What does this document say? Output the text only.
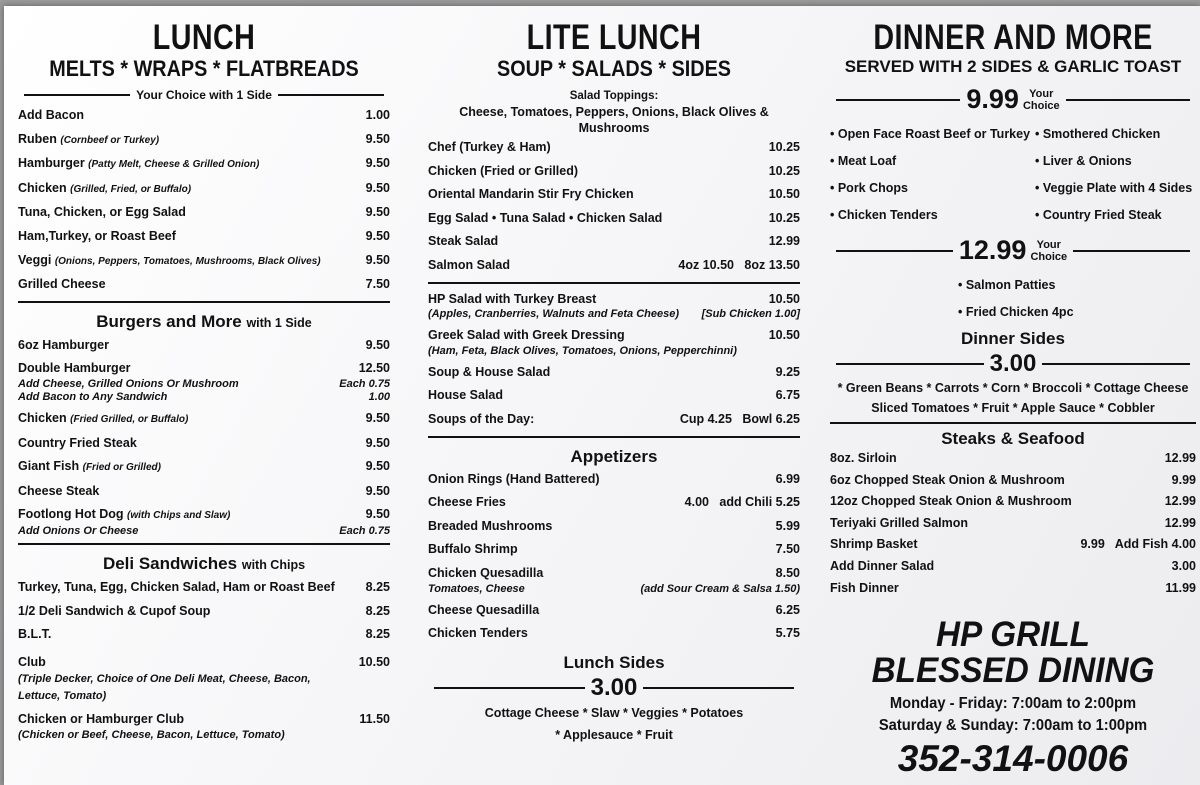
LUNCH
MELTS * WRAPS * FLATBREADS
Your Choice with 1 Side
Add Bacon	1.00
Ruben (Cornbeef or Turkey)	9.50
Hamburger (Patty Melt, Cheese & Grilled Onion)	9.50
Chicken (Grilled, Fried, or Buffalo)	9.50
Tuna, Chicken, or Egg Salad	9.50
Ham,Turkey, or Roast Beef	9.50
Veggi (Onions, Peppers, Tomatoes, Mushrooms, Black Olives)	9.50
Grilled Cheese	7.50
Burgers and More with 1 Side
6oz Hamburger	9.50
Double Hamburger	12.50
Add Cheese, Grilled Onions Or Mushroom	Each 0.75
Add Bacon to Any Sandwich	1.00
Chicken (Fried Grilled, or Buffalo)	9.50
Country Fried Steak	9.50
Giant Fish (Fried or Grilled)	9.50
Cheese Steak	9.50
Footlong Hot Dog (with Chips and Slaw)	9.50
Add Onions Or Cheese	Each 0.75
Deli Sandwiches with Chips
Turkey, Tuna, Egg, Chicken Salad, Ham or Roast Beef	8.25
1/2 Deli Sandwich & Cupof Soup	8.25
B.L.T.	8.25
Club	10.50
(Triple Decker, Choice of One Deli Meat, Cheese, Bacon,
Lettuce, Tomato)
Chicken or Hamburger Club	11.50
(Chicken or Beef, Cheese, Bacon, Lettuce, Tomato)
LITE LUNCH
SOUP * SALADS * SIDES
Salad Toppings:
Cheese, Tomatoes, Peppers, Onions, Black Olives & Mushrooms
Chef (Turkey & Ham)	10.25
Chicken (Fried or Grilled)	10.25
Oriental Mandarin Stir Fry Chicken	10.50
Egg Salad • Tuna Salad • Chicken Salad	10.25
Steak Salad	12.99
Salmon Salad	4oz 10.50   8oz 13.50
HP Salad with Turkey Breast	10.50
(Apples, Cranberries, Walnuts and Feta Cheese) [Sub Chicken 1.00]
Greek Salad with Greek Dressing	10.50
(Ham, Feta, Black Olives, Tomatoes, Onions, Pepperchinni)
Soup & House Salad	9.25
House Salad	6.75
Soups of the Day:	Cup 4.25   Bowl 6.25
Appetizers
Onion Rings (Hand Battered)	6.99
Cheese Fries	4.00   add Chili 5.25
Breaded Mushrooms	5.99
Buffalo Shrimp	7.50
Chicken Quesadilla	8.50
Tomatoes, Cheese	(add Sour Cream & Salsa 1.50)
Cheese Quesadilla	6.25
Chicken Tenders	5.75
Lunch Sides
3.00
Cottage Cheese * Slaw * Veggies * Potatoes
* Applesauce * Fruit
DINNER AND MORE
SERVED WITH 2 SIDES & GARLIC TOAST
9.99 Your
Choice
• Open Face Roast Beef or Turkey • Smothered Chicken
• Meat Loaf	• Liver & Onions
• Pork Chops	• Veggie Plate with 4 Sides
• Chicken Tenders	• Country Fried Steak
12.99 Your
Choice
• Salmon Patties
• Fried Chicken 4pc
Dinner Sides
3.00
* Green Beans * Carrots * Corn * Broccoli * Cottage Cheese
Sliced Tomatoes * Fruit * Apple Sauce * Cobbler
Steaks & Seafood
8oz. Sirloin	12.99
6oz Chopped Steak Onion & Mushroom	9.99
12oz Chopped Steak Onion & Mushroom	12.99
Teriyaki Grilled Salmon	12.99
Shrimp Basket	9.99   Add Fish 4.00
Add Dinner Salad	3.00
Fish Dinner	11.99
HP GRILL
BLESSED DINING
Monday - Friday: 7:00am to 2:00pm
Saturday & Sunday: 7:00am to 1:00pm
352-314-0006
